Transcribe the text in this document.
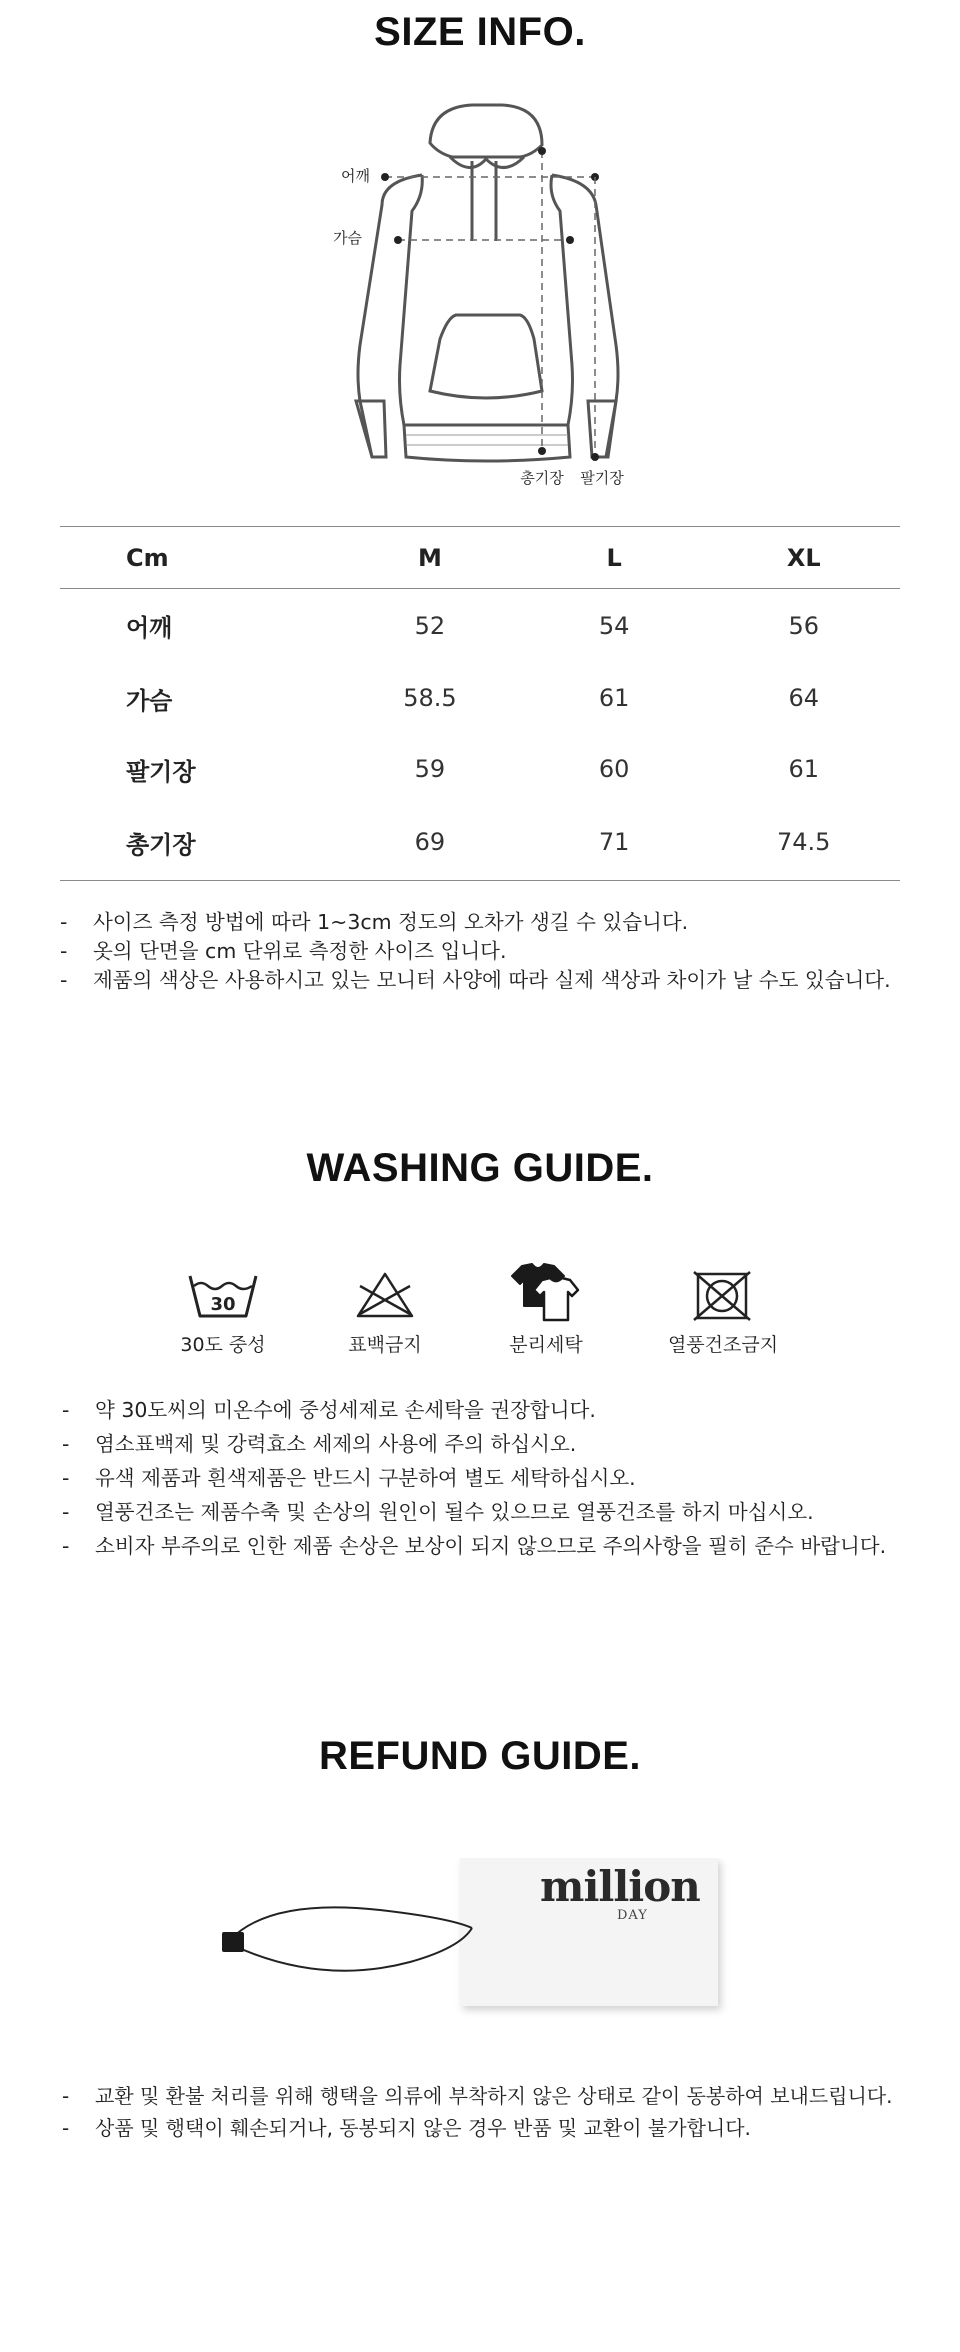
SIZE INFO.
어깨
가슴
총기장 팔기장
Cm	M	L	XL
어깨	52	54	56
가슴	58.5	61	64
팔기장	59	60	61
총기장	69	71	74.5
- 사이즈 측정 방법에 따라 1~3cm 정도의 오차가 생길 수 있습니다.
- 옷의 단면을 cm 단위로 측정한 사이즈 입니다.
- 제품의 색상은 사용하시고 있는 모니터 사양에 따라 실제 색상과 차이가 날 수도 있습니다.
WASHING GUIDE.
30
30도 중성	표백금지	분리세탁	열풍건조금지
- 약 30도씨의 미온수에 중성세제로 손세탁을 권장합니다.
- 염소표백제 및 강력효소 세제의 사용에 주의 하십시오.
- 유색 제품과 흰색제품은 반드시 구분하여 별도 세탁하십시오.
- 열풍건조는 제품수축 및 손상의 원인이 될수 있으므로 열풍건조를 하지 마십시오.
- 소비자 부주의로 인한 제품 손상은 보상이 되지 않으므로 주의사항을 필히 준수 바랍니다.
REFUND GUIDE.
million
DAY
- 교환 및 환불 처리를 위해 행택을 의류에 부착하지 않은 상태로 같이 동봉하여 보내드립니다.
- 상품 및 행택이 훼손되거나, 동봉되지 않은 경우 반품 및 교환이 불가합니다.
